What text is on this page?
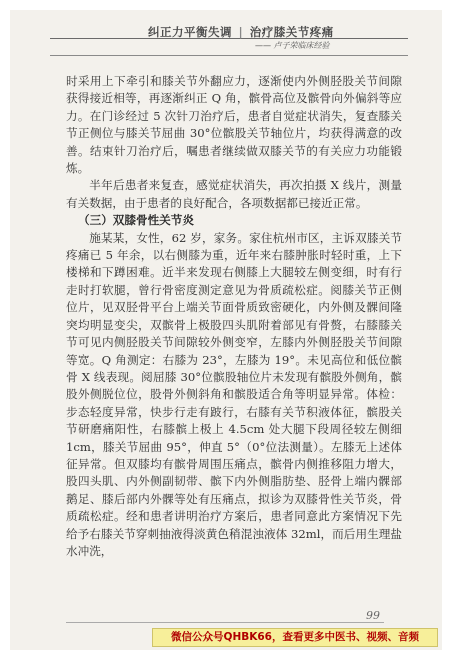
纠正力平衡失调 | 治疗膝关节疼痛
—— 卢子荣临床经验

时采用上下牵引和膝关节外翻应力，逐渐使内外侧胫股关节间隙获得接近相等，再逐渐纠正 Q 角，髌骨高位及髌骨向外偏斜等应力。在门诊经过 5 次针刀治疗后，患者自觉症状消失，复查膝关节正侧位与膝关节屈曲 30°位髌股关节轴位片，均获得满意的改善。结束针刀治疗后，嘱患者继续做双膝关节的有关应力功能锻炼。

半年后患者来复查，感觉症状消失，再次拍摄 X 线片，测量有关数据，由于患者的良好配合，各项数据都已接近正常。

（三）双膝骨性关节炎

施某某，女性，62 岁，家务。家住杭州市区，主诉双膝关节疼痛已 5 年余，以右侧膝为重，近年来右膝肿胀时轻时重，上下楼梯和下蹲困难。近半来发现右侧膝上大腿较左侧变细，时有行走时打软腿，曾行骨密度测定意见为骨质疏松症。阅膝关节正侧位片，见双胫骨平台上端关节面骨质致密硬化，内外侧及髁间隆突均明显变尖，双髌骨上极股四头肌附着部见有骨赘，右膝膝关节可见内侧胫股关节间隙较外侧变窄，左膝内外侧胫股关节间隙等宽。Q 角测定：右膝为 23°，左膝为 19°。未见高位和低位髌骨 X 线表现。阅屈膝 30°位髌股轴位片未发现有髌股外侧角，髌股外侧脱位位，股骨外侧斜角和髌股适合角等明显异常。体检：步态轻度异常，快步行走有跛行，右膝有关节积液体征，髌股关节研磨痛阳性，右膝髌上极上 4.5cm 处大腿下段周径较左侧细 1cm，膝关节屈曲 95°，伸直 5°（0°位法测量）。左膝无上述体征异常。但双膝均有髌骨周围压痛点，髌骨内侧推移阻力增大，股四头肌、内外侧副韧带、髌下内外侧脂肪垫、胫骨上端内髁部鹅足、膝后部内外髁等处有压痛点，拟诊为双膝骨性关节炎，骨质疏松症。经和患者讲明治疗方案后，患者同意此方案情况下先给予右膝关节穿刺抽液得淡黄色稍混浊液体 32ml，而后用生理盐水冲洗，

99
微信公众号QHBK66，查看更多中医书、视频、音频
